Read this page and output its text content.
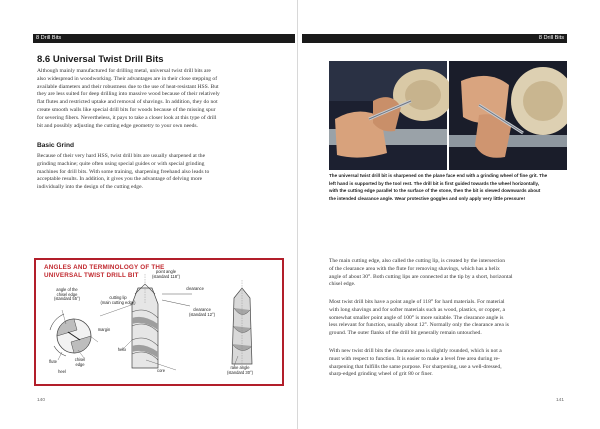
8 Drill Bits	8 Drill Bits
8.6 Universal Twist Drill Bits
Although mainly manufactured for drilling metal, universal twist drill bits are
also widespread in woodworking. Their advantages are in their close stepping of
available diameters and their robustness due to the use of heat-resistant HSS. But
they are less suited for deep drilling into massive wood because of their relatively
flat flutes and restricted uptake and removal of shavings. In addition, they do not
create smooth walls like special drill bits for woods because of the missing spur
for severing fibers. Nevertheless, it pays to take a closer look at this type of drill
bit and possibly adjusting the cutting edge geometry to your own needs.
Basic Grind
Because of their very hard HSS, twist drill bits are usually sharpened at the
grinding machine; quite often using special guides or with special grinding
machines for drill bits. With some training, sharpening freehand also leads to
acceptable results. In addition, it gives you the advantage of delving more
individually into the design of the cutting edge.
ANGLES AND TERMINOLOGY OF THE
UNIVERSAL TWIST DRILL BIT
angle of the
chisel edge
(standard 55°)	cutting lip
(main cutting edge)
point angle
(standard 118°)
clearance
clearance
(standard 12°)
margin
helix
flute	chisel
edge
heel	core
rake angle
(standard 30°)
140
The universal twist drill bit is sharpened on the plane face end with a grinding wheel of fine grit. The
left hand is supported by the tool rest. The drill bit is first guided towards the wheel horizontally,
with the cutting edge parallel to the surface of the stone, then the bit is slewed downwards about
the intended clearance angle. Wear protective goggles and only apply very little pressure!
The main cutting edge, also called the cutting lip, is created by the intersection
of the clearance area with the flute for removing shavings, which has a helix
angle of about 30°. Both cutting lips are connected at the tip by a short, horizontal
chisel edge.
Most twist drill bits have a point angle of 118° for hard materials. For material
with long shavings and for softer materials such as wood, plastics, or copper, a
somewhat smaller point angle of 100° is more suitable. The clearance angle is
less relevant for function, usually about 12°. Normally only the clearance area is
ground. The outer flanks of the drill bit generally remain untouched.
With new twist drill bits the clearance area is slightly rounded, which is not a
must with respect to function. It is easier to make a level free area during re-
sharpening that fulfills the same purpose. For sharpening, use a well-dressed,
sharp-edged grinding wheel of grit 80 or finer.
141
